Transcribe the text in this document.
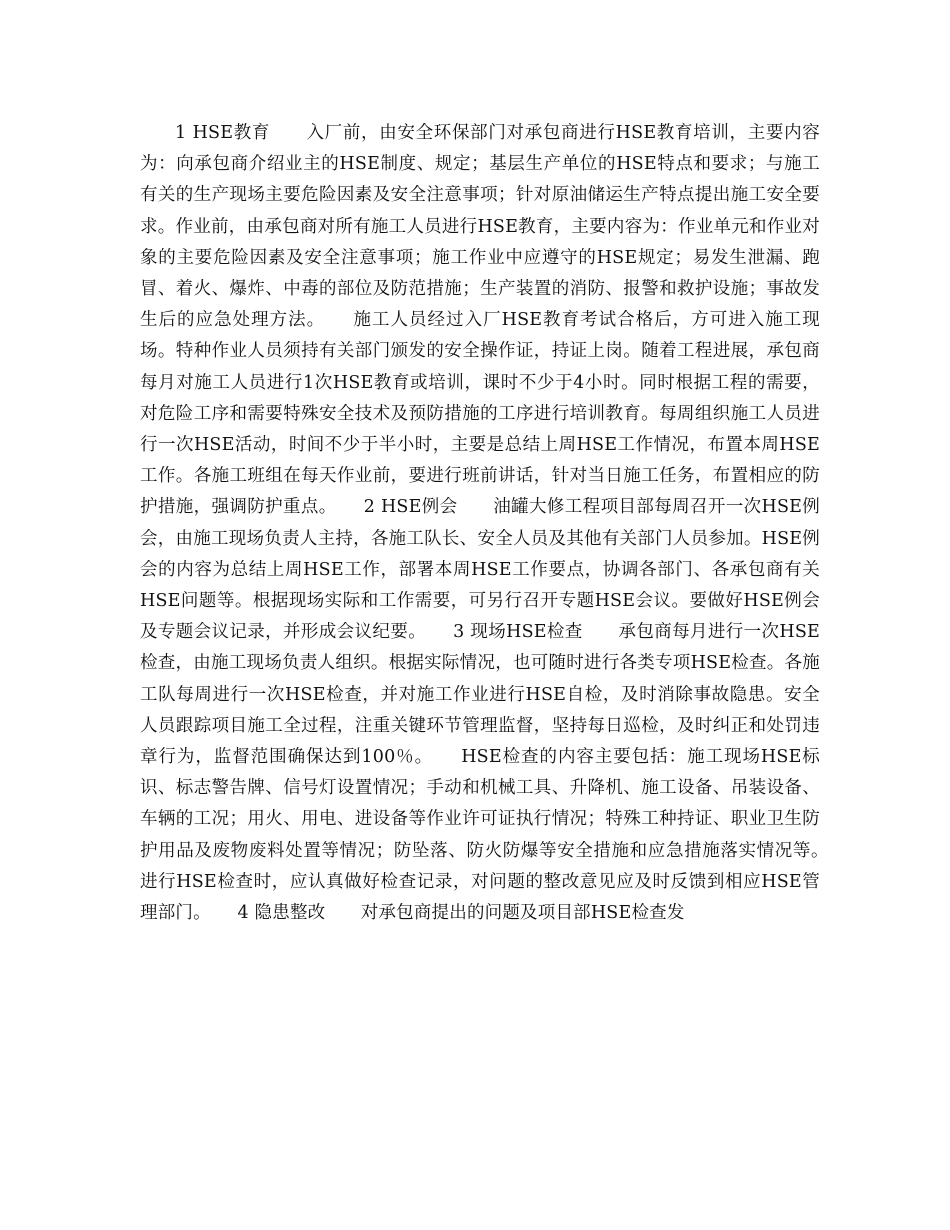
1 HSE教育　　入厂前，由安全环保部门对承包商进行HSE教育培训，主要内容为：向承包商介绍业主的HSE制度、规定；基层生产单位的HSE特点和要求；与施工有关的生产现场主要危险因素及安全注意事项；针对原油储运生产特点提出施工安全要求。作业前，由承包商对所有施工人员进行HSE教育，主要内容为：作业单元和作业对象的主要危险因素及安全注意事项；施工作业中应遵守的HSE规定；易发生泄漏、跑冒、着火、爆炸、中毒的部位及防范措施；生产装置的消防、报警和救护设施；事故发生后的应急处理方法。　　施工人员经过入厂HSE教育考试合格后，方可进入施工现场。特种作业人员须持有关部门颁发的安全操作证，持证上岗。随着工程进展，承包商每月对施工人员进行1次HSE教育或培训，课时不少于4小时。同时根据工程的需要，对危险工序和需要特殊安全技术及预防措施的工序进行培训教育。每周组织施工人员进行一次HSE活动，时间不少于半小时，主要是总结上周HSE工作情况，布置本周HSE工作。各施工班组在每天作业前，要进行班前讲话，针对当日施工任务，布置相应的防护措施，强调防护重点。　　2 HSE例会　　油罐大修工程项目部每周召开一次HSE例会，由施工现场负责人主持，各施工队长、安全人员及其他有关部门人员参加。HSE例会的内容为总结上周HSE工作，部署本周HSE工作要点，协调各部门、各承包商有关HSE问题等。根据现场实际和工作需要，可另行召开专题HSE会议。要做好HSE例会及专题会议记录，并形成会议纪要。　　3 现场HSE检查　　承包商每月进行一次HSE检查，由施工现场负责人组织。根据实际情况，也可随时进行各类专项HSE检查。各施工队每周进行一次HSE检查，并对施工作业进行HSE自检，及时消除事故隐患。安全人员跟踪项目施工全过程，注重关键环节管理监督，坚持每日巡检，及时纠正和处罚违章行为，监督范围确保达到100％。　　HSE检查的内容主要包括：施工现场HSE标识、标志警告牌、信号灯设置情况；手动和机械工具、升降机、施工设备、吊装设备、车辆的工况；用火、用电、进设备等作业许可证执行情况；特殊工种持证、职业卫生防护用品及废物废料处置等情况；防坠落、防火防爆等安全措施和应急措施落实情况等。　　进行HSE检查时，应认真做好检查记录，对问题的整改意见应及时反馈到相应HSE管理部门。　　4 隐患整改　　对承包商提出的问题及项目部HSE检查发
